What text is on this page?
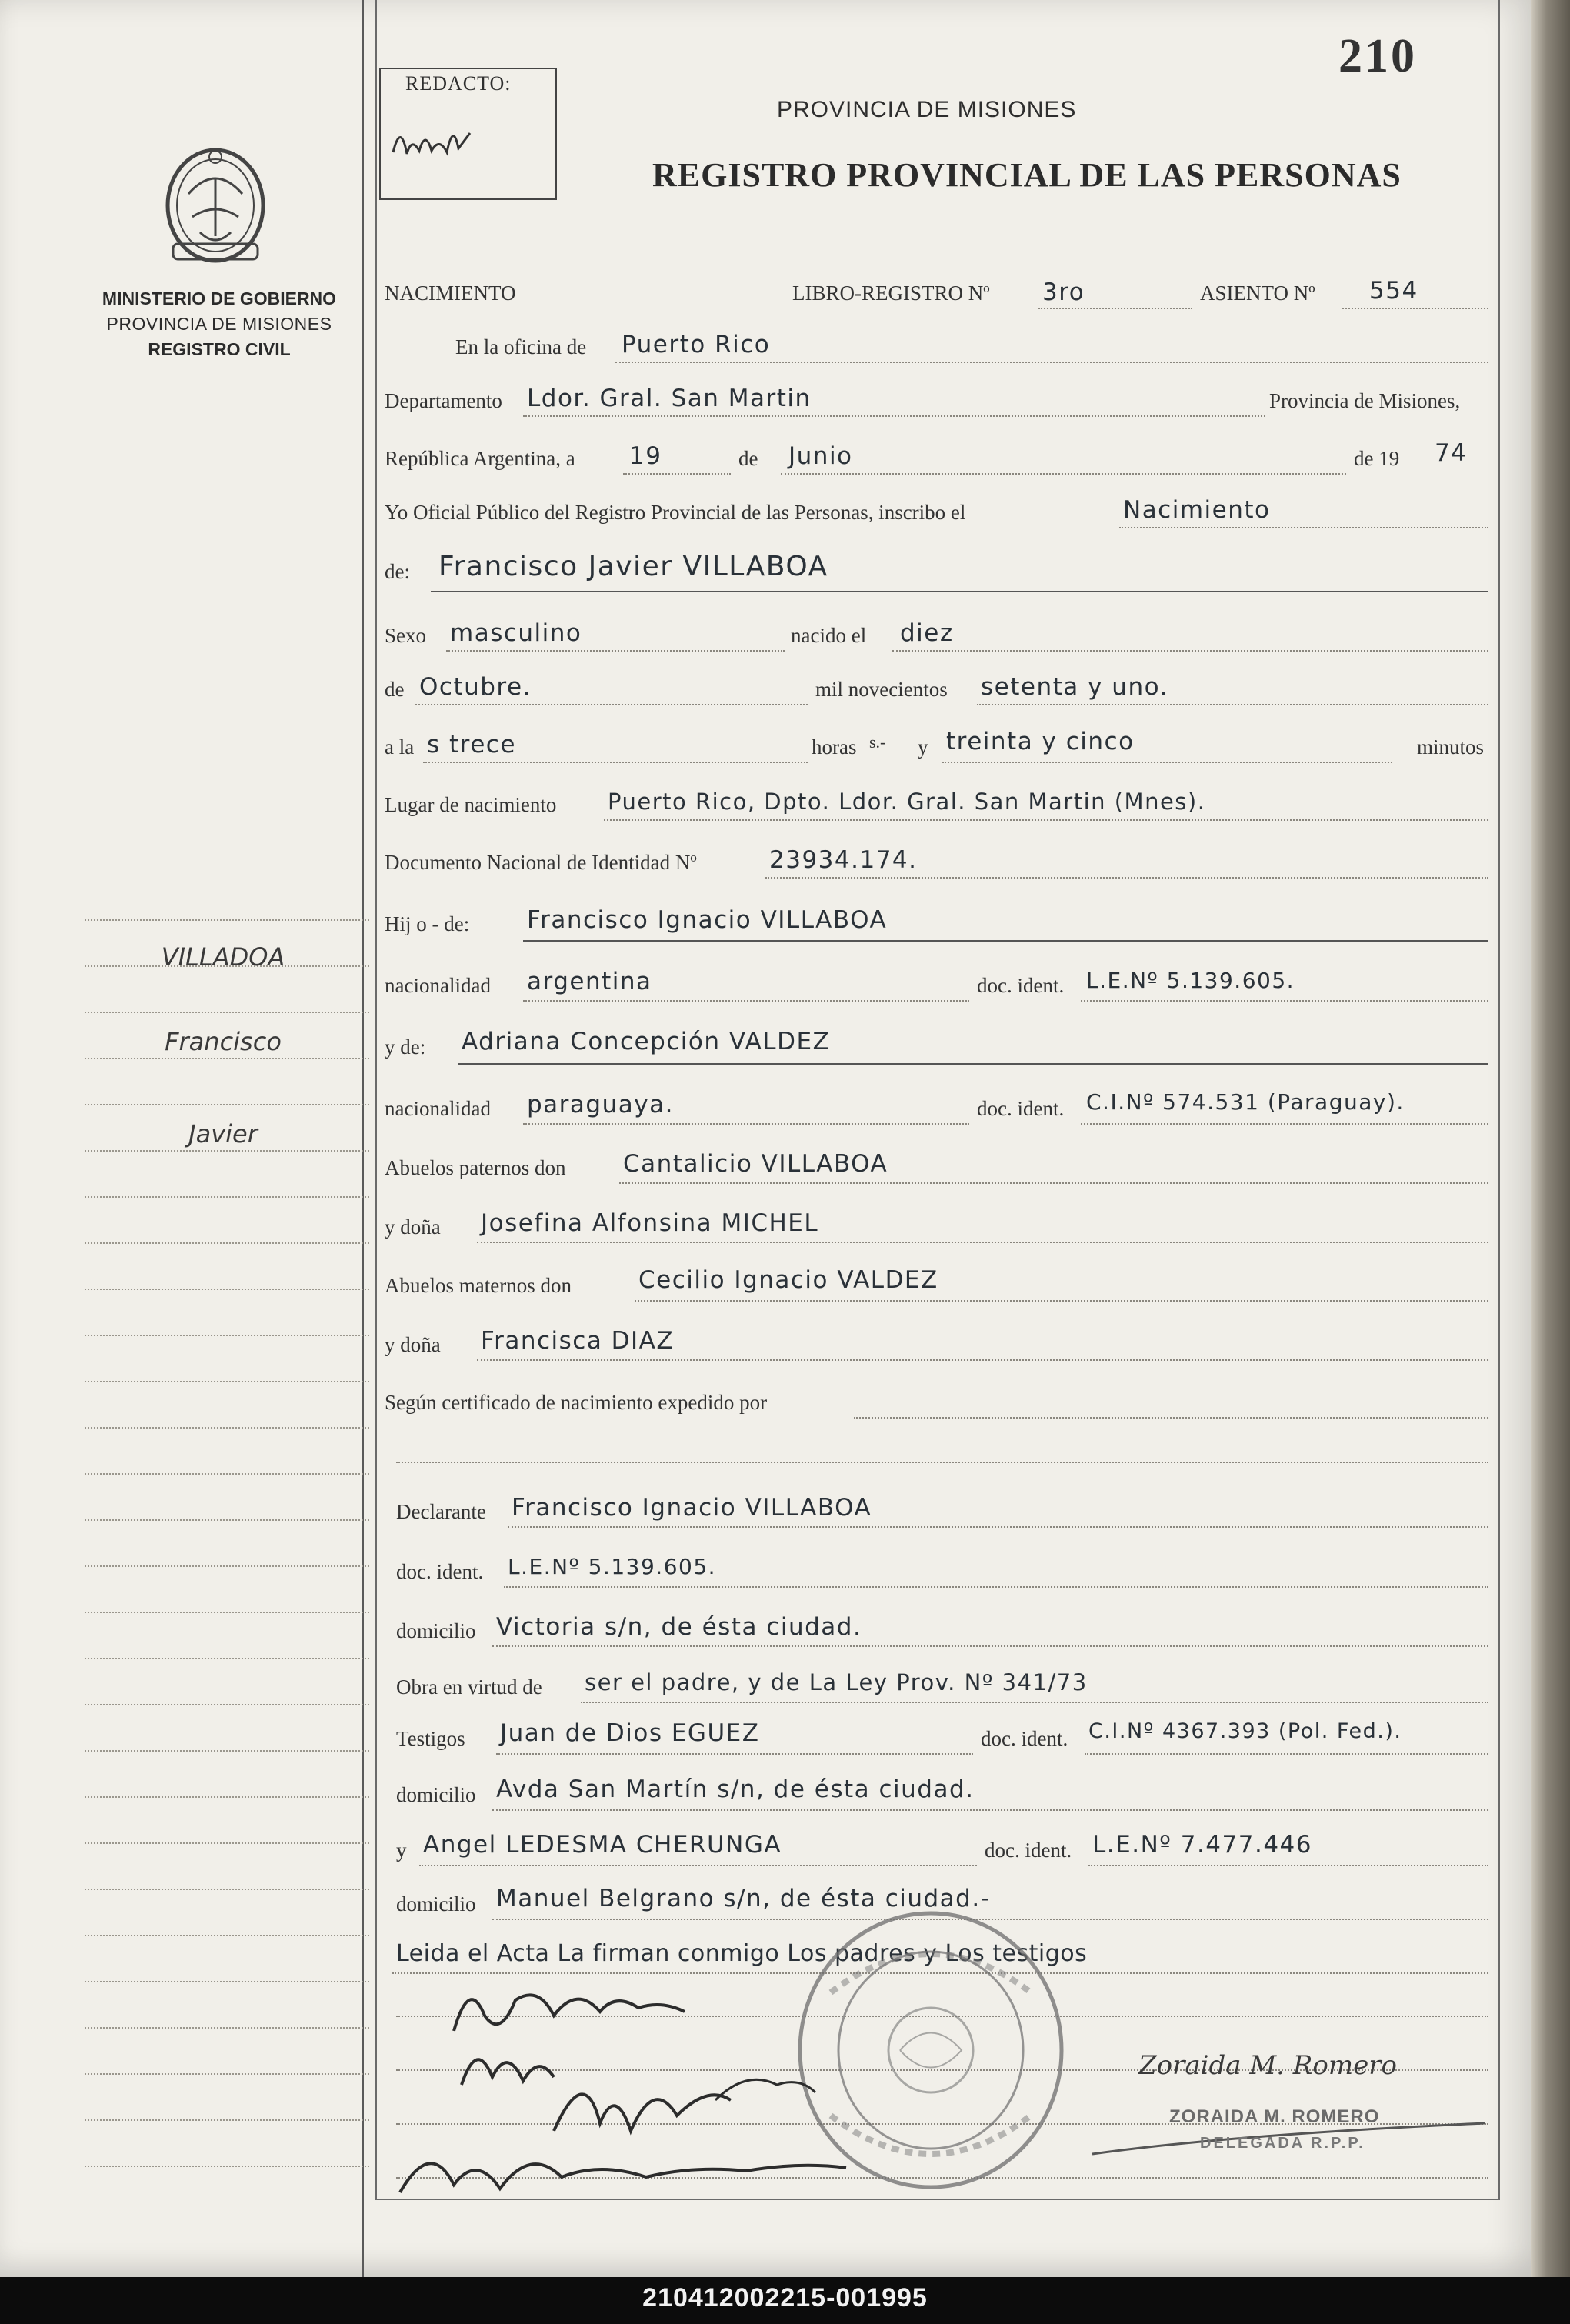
210412002215-001995
MINISTERIO DE GOBIERNO
PROVINCIA DE MISIONES
REGISTRO CIVIL
VILLADOA
Francisco
Javier
REDACTO:
210
PROVINCIA DE MISIONES
REGISTRO PROVINCIAL DE LAS PERSONAS
NACIMIENTO	LIBRO-REGISTRO Nº 3ro	ASIENTO Nº 554
En la oficina de Puerto Rico
Departamento Ldor. Gral. San Martin	Provincia de Misiones,
República Argentina, a 19	de Junio	de 19 74
Yo Oficial Público del Registro Provincial de las Personas, inscribo el	Nacimiento
de: Francisco Javier VILLABOA
Sexo masculino	nacido el diez
de Octubre.	mil novecientos setenta y uno.
a la s trece	horas s.- y treinta y cinco	minutos
Lugar de nacimiento Puerto Rico, Dpto. Ldor. Gral. San Martin (Mnes).
Documento Nacional de Identidad Nº	23934.174.
Hij o - de: Francisco Ignacio VILLABOA
nacionalidad argentina	doc. ident. L.E.Nº 5.139.605.
y de: Adriana Concepción VALDEZ
nacionalidad paraguaya.	doc. ident. C.I.Nº 574.531 (Paraguay).
Abuelos paternos don Cantalicio VILLABOA
y doña Josefina Alfonsina MICHEL
Abuelos maternos don	Cecilio Ignacio VALDEZ
y doña Francisca DIAZ
Según certificado de nacimiento expedido por
Declarante Francisco Ignacio VILLABOA
doc. ident. L.E.Nº 5.139.605.
domicilio Victoria s/n, de ésta ciudad.
Obra en virtud de ser el padre, y de La Ley Prov. Nº 341/73
Testigos Juan de Dios EGUEZ	doc. ident. C.I.Nº 4367.393 (Pol. Fed.).
domicilio Avda San Martín s/n, de ésta ciudad.
y Angel LEDESMA CHERUNGA	doc. ident. L.E.Nº 7.477.446
domicilio Manuel Belgrano s/n, de ésta ciudad.-
Leida el Acta La firman conmigo Los padres y Los testigos
Zoraida M. Romero
ZORAIDA M. ROMERO
DELEGADA R.P.P.
